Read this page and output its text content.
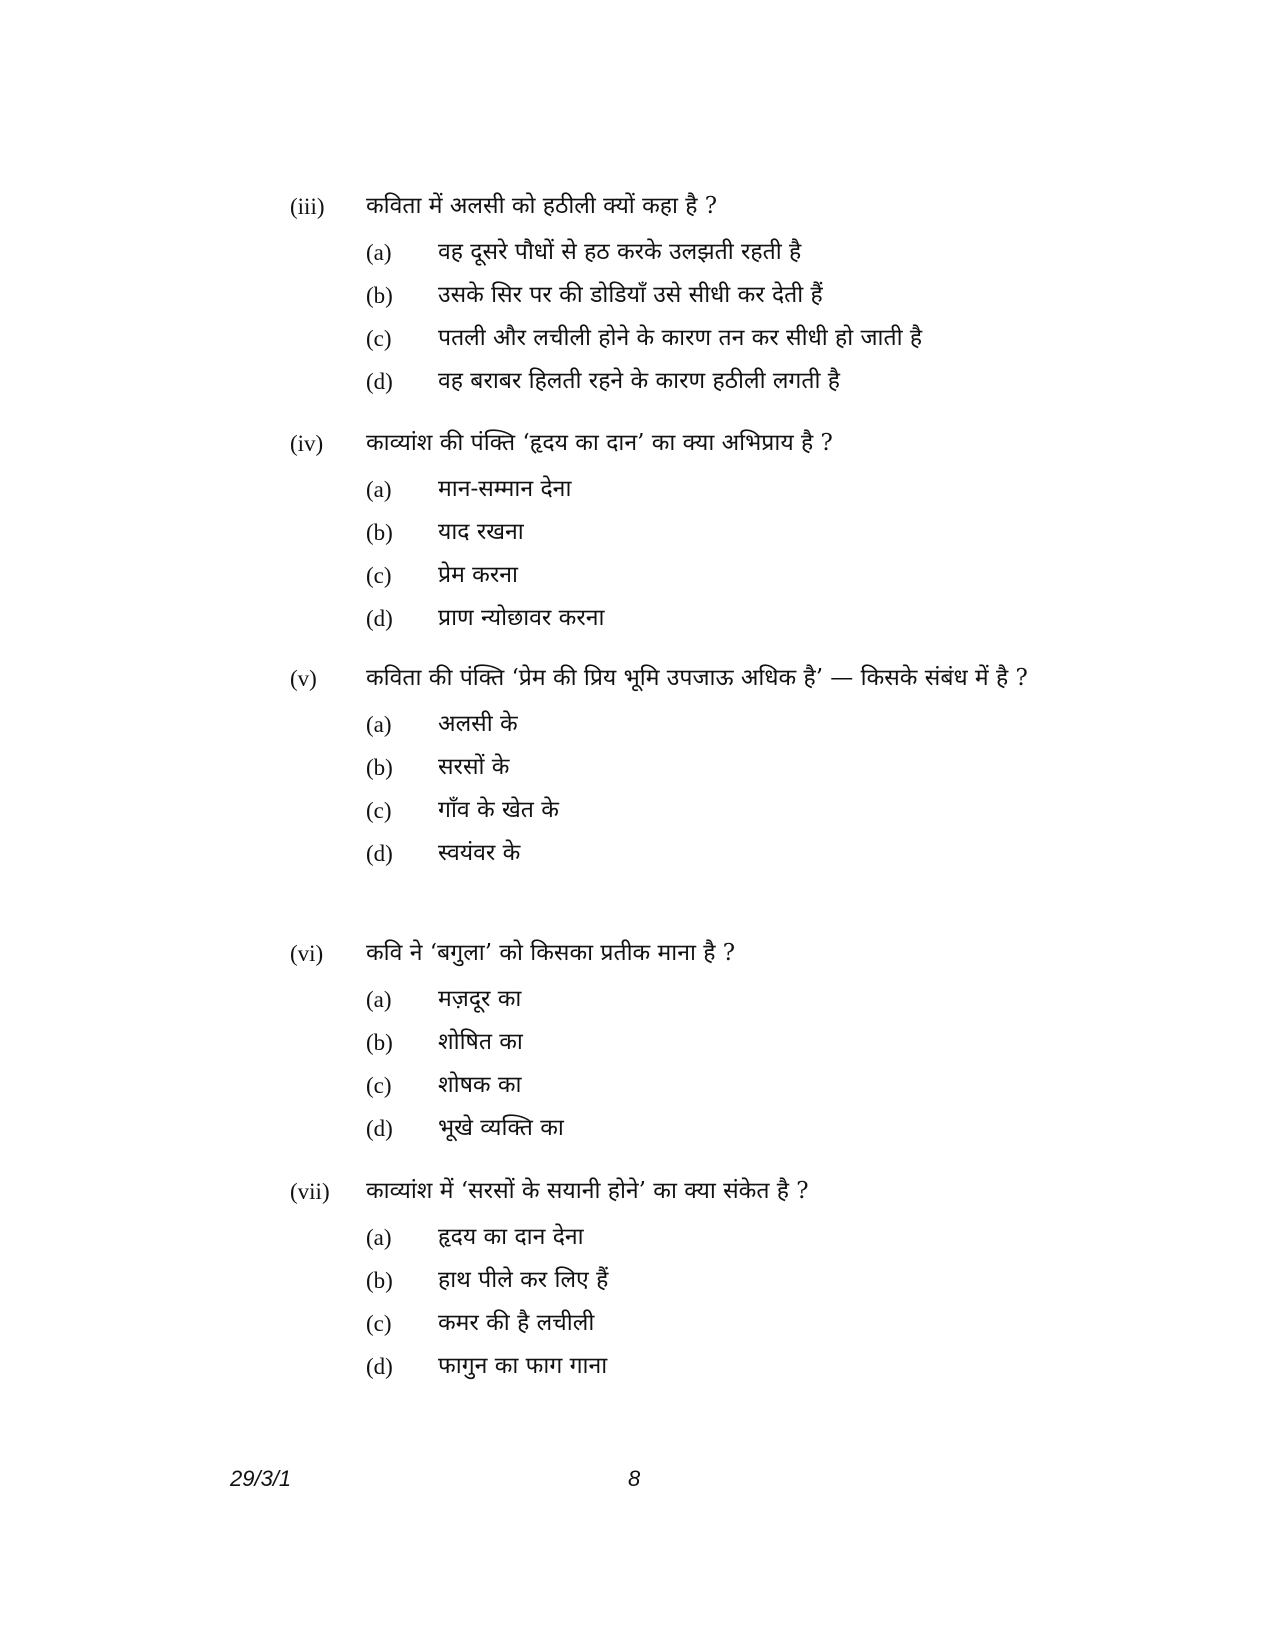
(iii) कविता में अलसी को हठीली क्यों कहा है ?
(a) वह दूसरे पौधों से हठ करके उलझती रहती है
(b) उसके सिर पर की डोडियाँ उसे सीधी कर देती हैं
(c) पतली और लचीली होने के कारण तन कर सीधी हो जाती है
(d) वह बराबर हिलती रहने के कारण हठीली लगती है
(iv) काव्यांश की पंक्ति ‘हृदय का दान’ का क्या अभिप्राय है ?
(a) मान-सम्मान देना
(b) याद रखना
(c) प्रेम करना
(d) प्राण न्योछावर करना
(v) कविता की पंक्ति ‘प्रेम की प्रिय भूमि उपजाऊ अधिक है’ — किसके संबंध में है ?
(a) अलसी के
(b) सरसों के
(c) गाँव के खेत के
(d) स्वयंवर के
(vi) कवि ने ‘बगुला’ को किसका प्रतीक माना है ?
(a) मज़दूर का
(b) शोषित का
(c) शोषक का
(d) भूखे व्यक्ति का
(vii) काव्यांश में ‘सरसों के सयानी होने’ का क्या संकेत है ?
(a) हृदय का दान देना
(b) हाथ पीले कर लिए हैं
(c) कमर की है लचीली
(d) फागुन का फाग गाना
29/3/1	8
